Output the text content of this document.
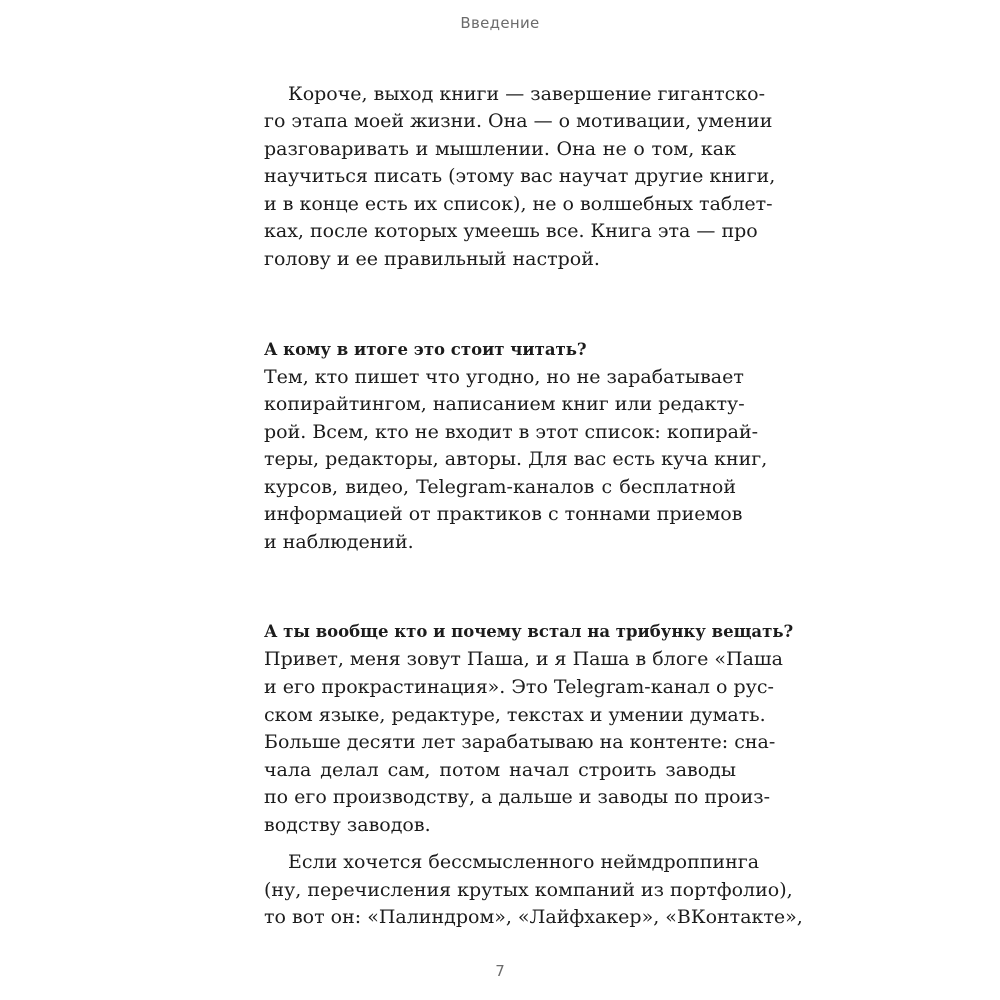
Введение
Короче, выход книги — завершение гигантско-
го этапа моей жизни. Она — о мотивации, умении
разговаривать и мышлении. Она не о том, как
научиться писать (этому вас научат другие книги,
и в конце есть их список), не о волшебных таблет-
ках, после которых умеешь все. Книга эта — про
голову и ее правильный настрой.
А кому в итоге это стоит читать?
Тем, кто пишет что угодно, но не зарабатывает
копирайтингом, написанием книг или редакту-
рой. Всем, кто не входит в этот список: копирай-
теры, редакторы, авторы. Для вас есть куча книг,
курсов, видео, Telegram-каналов с бесплатной
информацией от практиков с тоннами приемов
и наблюдений.
А ты вообще кто и почему встал на трибунку вещать?
Привет, меня зовут Паша, и я Паша в блоге «Паша
и его прокрастинация». Это Telegram-канал о рус-
ском языке, редактуре, текстах и умении думать.
Больше десяти лет зарабатываю на контенте: сна-
чала делал сам, потом начал строить заводы
по его производству, а дальше и заводы по произ-
водству заводов.
Если хочется бессмысленного неймдроппинга
(ну, перечисления крутых компаний из портфолио),
то вот он: «Палиндром», «Лайфхакер», «ВКонтакте»,
7
